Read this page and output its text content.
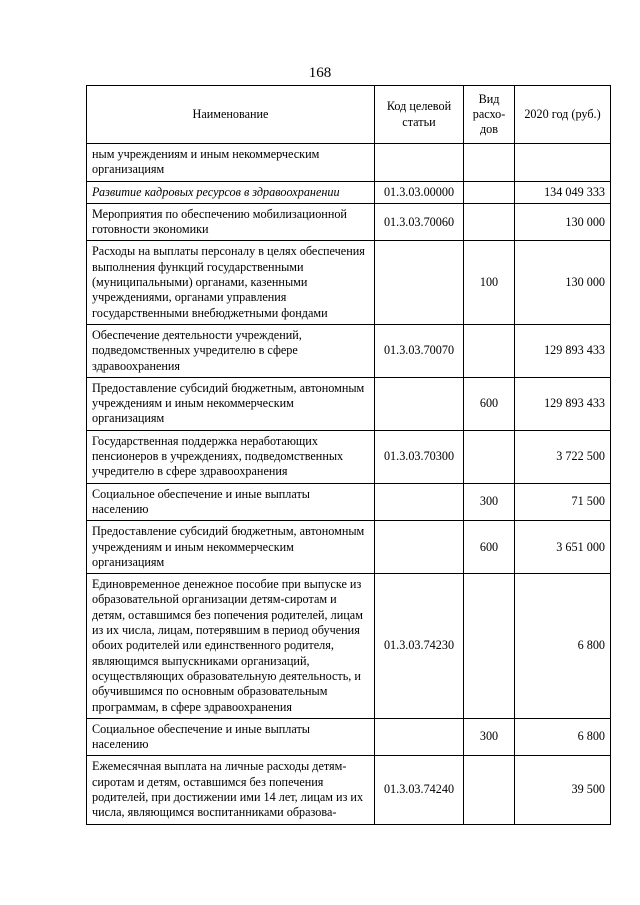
168
Наименование	Код целевой статьи	Вид расхо-дов	2020 год (руб.)
ным учреждениям и иным некоммерческим организациям			
Развитие кадровых ресурсов в здравоохранении	01.3.03.00000		134 049 333
Мероприятия по обеспечению мобилизационной готовности экономики	01.3.03.70060		130 000
Расходы на выплаты персоналу в целях обеспечения выполнения функций государственными (муниципальными) органами, казенными учреждениями, органами управления государственными внебюджетными фондами		100	130 000
Обеспечение деятельности учреждений, подведомственных учредителю в сфере здравоохранения	01.3.03.70070		129 893 433
Предоставление субсидий бюджетным, автономным учреждениям и иным некоммерческим организациям		600	129 893 433
Государственная поддержка неработающих пенсионеров в учреждениях, подведомственных учредителю в сфере здравоохранения	01.3.03.70300		3 722 500
Социальное обеспечение и иные выплаты населению		300	71 500
Предоставление субсидий бюджетным, автономным учреждениям и иным некоммерческим организациям		600	3 651 000
Единовременное денежное пособие при выпуске из образовательной организации детям-сиротам и детям, оставшимся без попечения родителей, лицам из их числа, лицам, потерявшим в период обучения обоих родителей или единственного родителя, являющимся выпускниками организаций, осуществляющих образовательную деятельность, и обучившимся по основным образовательным программам, в сфере здравоохранения	01.3.03.74230		6 800
Социальное обеспечение и иные выплаты населению		300	6 800
Ежемесячная выплата на личные расходы детям-сиротам и детям, оставшимся без попечения родителей, при достижении ими 14 лет, лицам из их числа, являющимся воспитанниками образова-	01.3.03.74240		39 500
